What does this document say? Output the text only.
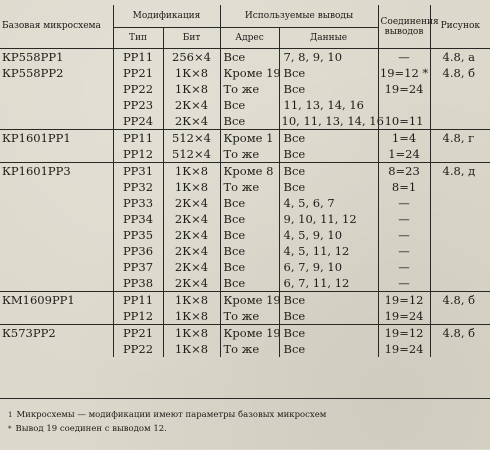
Базовая микросхема	Модификация		Используемые выводы		Соединения выводов	Рисунок
	Тип	Бит	Адрес	Данные		
КР558РР1	РР11	256×4	Все	7, 8, 9, 10	—	4.8, а
КР558РР2	РР21	1К×8	Кроме 19	Все	19=12 *	4.8, б
	РР22	1К×8	То же	Все	19=24	
	РР23	2К×4	Все	11, 13, 14, 16		
	РР24	2К×4	Все	10, 11, 13, 14, 16	10=11	
КР1601РР1	РР11	512×4	Кроме 1	Все	1=4	4.8, г
	РР12	512×4	То же	Все	1=24	
КР1601РР3	РР31	1К×8	Кроме 8	Все	8=23	4.8, д
	РР32	1К×8	То же	Все	8=1	
	РР33	2К×4	Все	4, 5, 6, 7	—	
	РР34	2К×4	Все	9, 10, 11, 12	—	
	РР35	2К×4	Все	4, 5, 9, 10	—	
	РР36	2К×4	Все	4, 5, 11, 12	—	
	РР37	2К×4	Все	6, 7, 9, 10	—	
	РР38	2К×4	Все	6, 7, 11, 12	—	
КМ1609РР1	РР11	1К×8	Кроме 19	Все	19=12	4.8, б
	РР12	1К×8	То же	Все	19=24	
К573РР2	РР21	1К×8	Кроме 19	Все	19=12	4.8, б
	РР22	1К×8	То же	Все	19=24	
$^1$ Микросхемы — модификации имеют параметры базовых микросхем
* Вывод 19 соединен с выводом 12.
